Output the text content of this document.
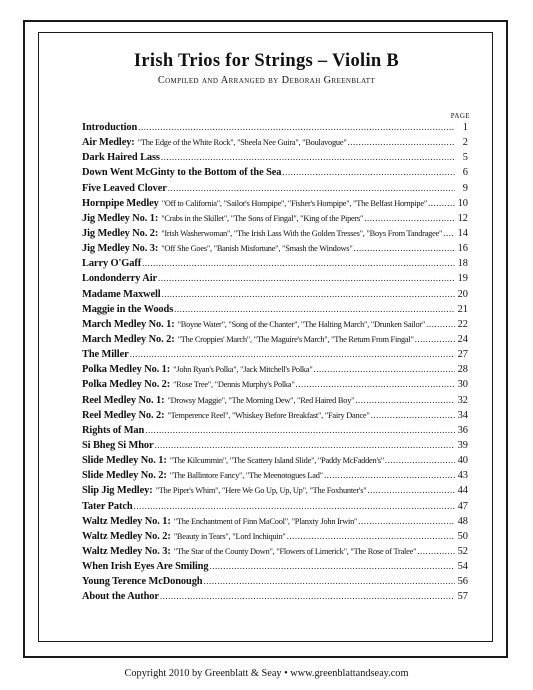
Irish Trios for Strings – Violin B
Compiled and Arranged by Deborah Greenblatt
PAGE
Introduction .....	1
Air Medley: "The Edge of the White Rock", "Sheela Nee Guira", "Boulavogue" .....	2
Dark Haired Lass .....	5
Down Went McGinty to the Bottom of the Sea .....	6
Five Leaved Clover .....	9
Hornpipe Medley "Off to California", "Sailor's Hornpipe", "Fisher's Hornpipe", "The Belfast Hornpipe" .....	10
Jig Medley No. 1: "Crabs in the Skillet", "The Sons of Fingal", "King of the Pipers" .....	12
Jig Medley No. 2: "Irish Washerwoman", "The Irish Lass With the Golden Tresses", "Boys From Tandragee" ..... 14
Jig Medley No. 3: "Off She Goes", "Banish Misfortune", "Smash the Windows" .....	16
Larry O'Gaff .....	18
Londonderry Air .....	19
Madame Maxwell .....	20
Maggie in the Woods .....	21
March Medley No. 1: "Boyne Water", "Song of the Chanter", "The Halting March", "Drunken Sailor" .....	22
March Medley No. 2: "The Croppies' March", "The Maguire's March", "The Return From Fingal" .....	24
The Miller .....	27
Polka Medley No. 1: "John Ryan's Polka", "Jack Mitchell's Polka" .....	28
Polka Medley No. 2: "Rose Tree", "Dennis Murphy's Polka" .....	30
Reel Medley No. 1: "Drowsy Maggie", "The Morning Dew", "Red Haired Boy" .....	32
Reel Medley No. 2: "Temperence Reel", "Whiskey Before Breakfast", "Fairy Dance" .....	34
Rights of Man .....	36
Si Bheg Si Mhor .....	39
Slide Medley No. 1: "The Kilcummin", "The Scattery Island Slide", "Paddy McFadden's" .....	40
Slide Medley No. 2: "The Ballintore Fancy", "The Meenotogues Lad" .....	43
Slip Jig Medley: "The Piper's Whim", "Here We Go Up, Up, Up", "The Foxhunter's" .....	44
Tater Patch .....	47
Waltz Medley No. 1: "The Enchantment of Finn MaCool", "Planxty John Irwin" .....	48
Waltz Medley No. 2: "Beauty in Tears", "Lord Inchiquin" .....	50
Waltz Medley No. 3: "The Star of the County Down", "Flowers of Limerick", "The Rose of Tralee" .....	52
When Irish Eyes Are Smiling .....	54
Young Terence McDonough .....	56
About the Author .....	57
Copyright 2010 by Greenblatt & Seay • www.greenblattandseay.com
